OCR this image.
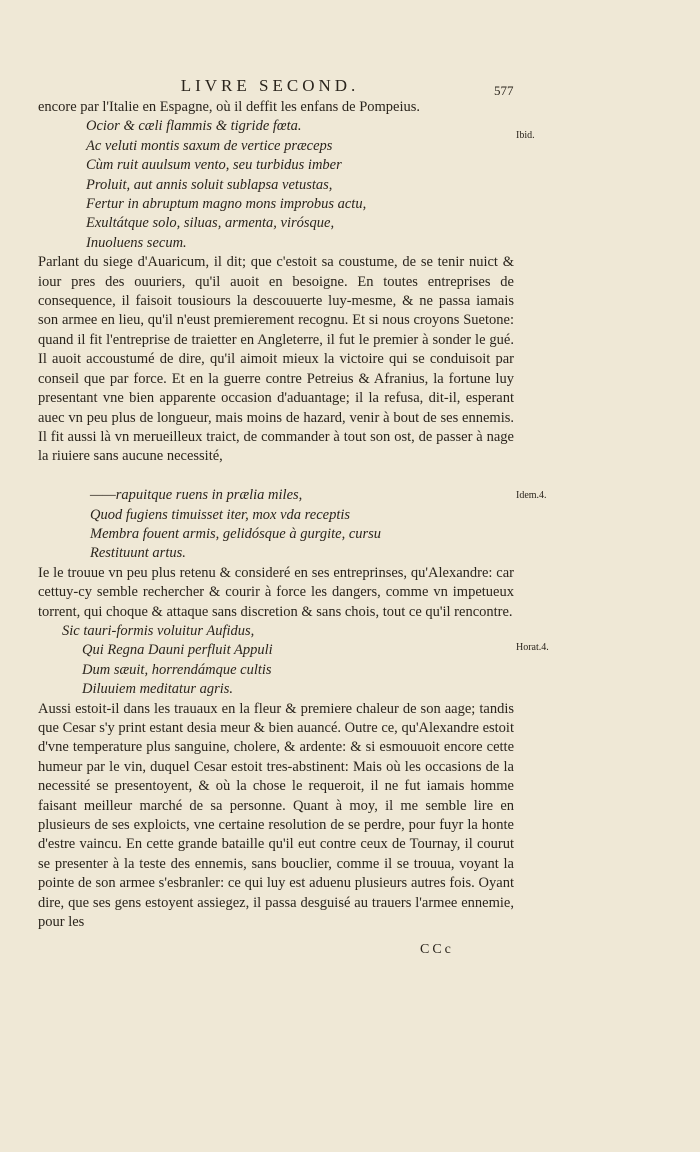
LIVRE SECOND.	577
Ibid.
Idem.4.
Horat.4.

encore par l'Italie en Espagne, où il deffit les enfans de Pompeius.

Ocior & cæli flammis & tigride fœta.
Ac veluti montis saxum de vertice præceps
Cùm ruit auulsum vento, seu turbidus imber
Proluit, aut annis soluit sublapsa vetustas,
Fertur in abruptum magno mons improbus actu,
Exultátque solo, siluas, armenta, virósque,
Inuoluens secum.

Parlant du siege d'Auaricum, il dit; que c'estoit sa coustume, de se tenir nuict & iour pres des ouuriers, qu'il auoit en besoigne. En toutes entreprises de consequence, il faisoit tousiours la descouuerte luy-mesme, & ne passa iamais son armee en lieu, qu'il n'eust premierement recognu. Et si nous croyons Suetone: quand il fit l'entreprise de traietter en Angleterre, il fut le premier à sonder le gué. Il auoit accoustumé de dire, qu'il aimoit mieux la victoire qui se conduisoit par conseil que par force. Et en la guerre contre Petreius & Afranius, la fortune luy presentant vne bien apparente occasion d'aduantage; il la refusa, dit-il, esperant auec vn peu plus de longueur, mais moins de hazard, venir à bout de ses ennemis. Il fit aussi là vn merueilleux traict, de commander à tout son ost, de passer à nage la riuiere sans aucune necessité,

——rapuitque ruens in prælia miles,
Quod fugiens timuisset iter, mox vda receptis
Membra fouent armis, gelidósque à gurgite, cursu
Restituunt artus.

Ie le trouue vn peu plus retenu & consideré en ses entreprinses, qu'Alexandre: car cettuy-cy semble rechercher & courir à force les dangers, comme vn impetueux torrent, qui choque & attaque sans discretion & sans chois, tout ce qu'il rencontre.

Sic tauri-formis voluitur Aufidus,
Qui Regna Dauni perfluit Appuli
Dum sæuit, horrendámque cultis
Diluuiem meditatur agris.

Aussi estoit-il dans les trauaux en la fleur & premiere chaleur de son aage; tandis que Cesar s'y print estant desia meur & bien auancé. Outre ce, qu'Alexandre estoit d'vne temperature plus sanguine, cholere, & ardente: & si esmouuoit encore cette humeur par le vin, duquel Cesar estoit tres-abstinent: Mais où les occasions de la necessité se presentoyent, & où la chose le requeroit, il ne fut iamais homme faisant meilleur marché de sa personne. Quant à moy, il me semble lire en plusieurs de ses exploicts, vne certaine resolution de se perdre, pour fuyr la honte d'estre vaincu. En cette grande bataille qu'il eut contre ceux de Tournay, il courut se presenter à la teste des ennemis, sans bouclier, comme il se trouua, voyant la pointe de son armee s'esbranler: ce qui luy est aduenu plusieurs autres fois. Oyant dire, que ses gens estoyent assiegez, il passa desguisé au trauers l'armee ennemie, pour les

CCc
